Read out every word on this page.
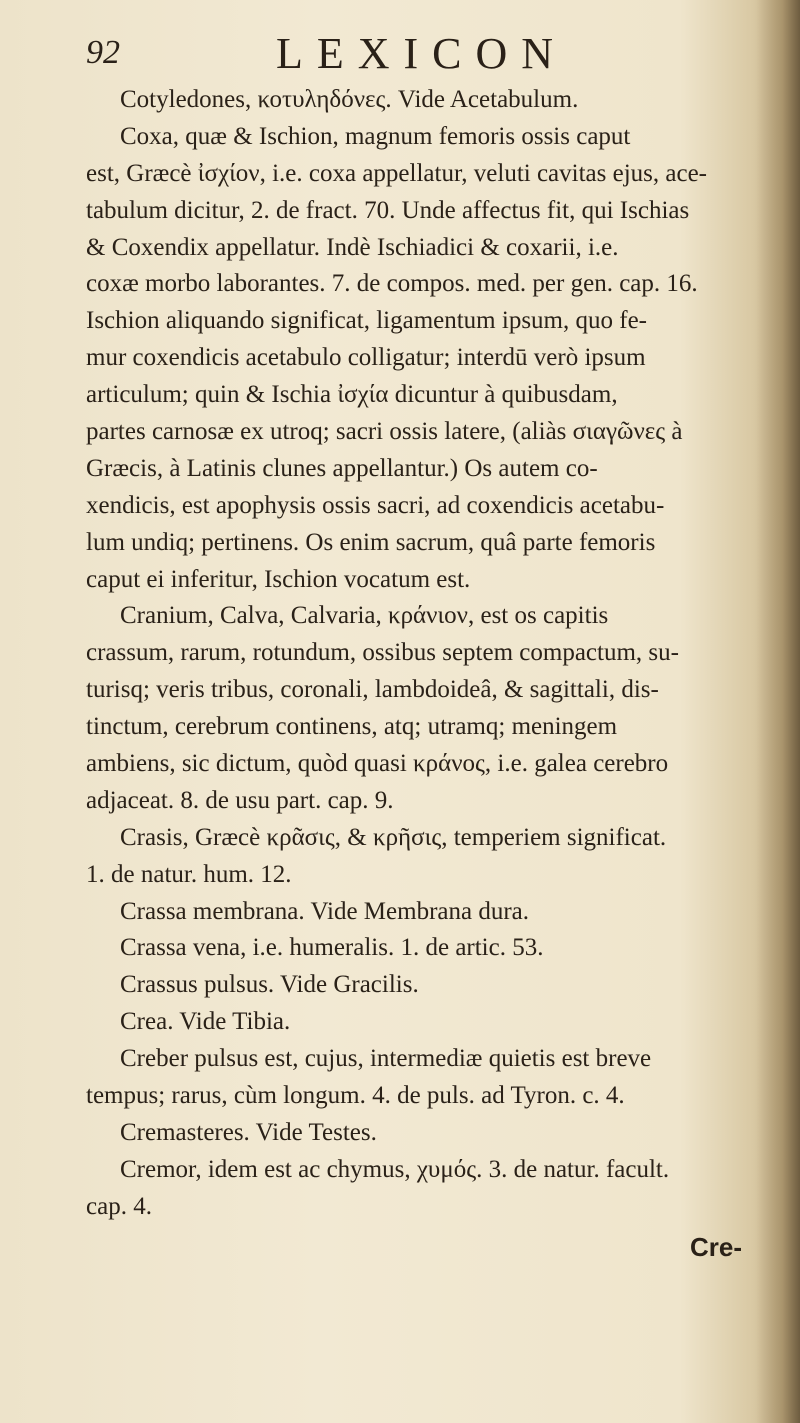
92	LEXICON
Cotyledones, κοτυληδόνες. Vide Acetabulum.
Coxa, quæ & Ischion, magnum femoris ossis caput
est, Græcè ἰσχίον, i.e. coxa appellatur, veluti cavitas ejus, ace-
tabulum dicitur, 2. de fract. 70. Unde affectus fit, qui Ischias
& Coxendix appellatur. Indè Ischiadici & coxarii, i.e.
coxæ morbo laborantes. 7. de compos. med. per gen. cap. 16.
Ischion aliquando significat, ligamentum ipsum, quo fe-
mur coxendicis acetabulo colligatur; interdū verò ipsum
articulum; quin & Ischia ἰσχία dicuntur à quibusdam,
partes carnosæ ex utroq; sacri ossis latere, (aliàs σιαγῶνες à
Græcis, à Latinis clunes appellantur.) Os autem co-
xendicis, est apophysis ossis sacri, ad coxendicis acetabu-
lum undiq; pertinens. Os enim sacrum, quâ parte femoris
caput ei inferitur, Ischion vocatum est.
Cranium, Calva, Calvaria, κράνιον, est os capitis
crassum, rarum, rotundum, ossibus septem compactum, su-
turisq; veris tribus, coronali, lambdoideâ, & sagittali, dis-
tinctum, cerebrum continens, atq; utramq; meningem
ambiens, sic dictum, quòd quasi κράνος, i.e. galea cerebro
adjaceat. 8. de usu part. cap. 9.
Crasis, Græcè κρᾶσις, & κρῆσις, temperiem significat.
1. de natur. hum. 12.
Crassa membrana. Vide Membrana dura.
Crassa vena, i.e. humeralis. 1. de artic. 53.
Crassus pulsus. Vide Gracilis.
Crea. Vide Tibia.
Creber pulsus est, cujus, intermediæ quietis est breve
tempus; rarus, cùm longum. 4. de puls. ad Tyron. c. 4.
Cremasteres. Vide Testes.
Cremor, idem est ac chymus, χυμός. 3. de natur. facult.
cap. 4.
Cre-
